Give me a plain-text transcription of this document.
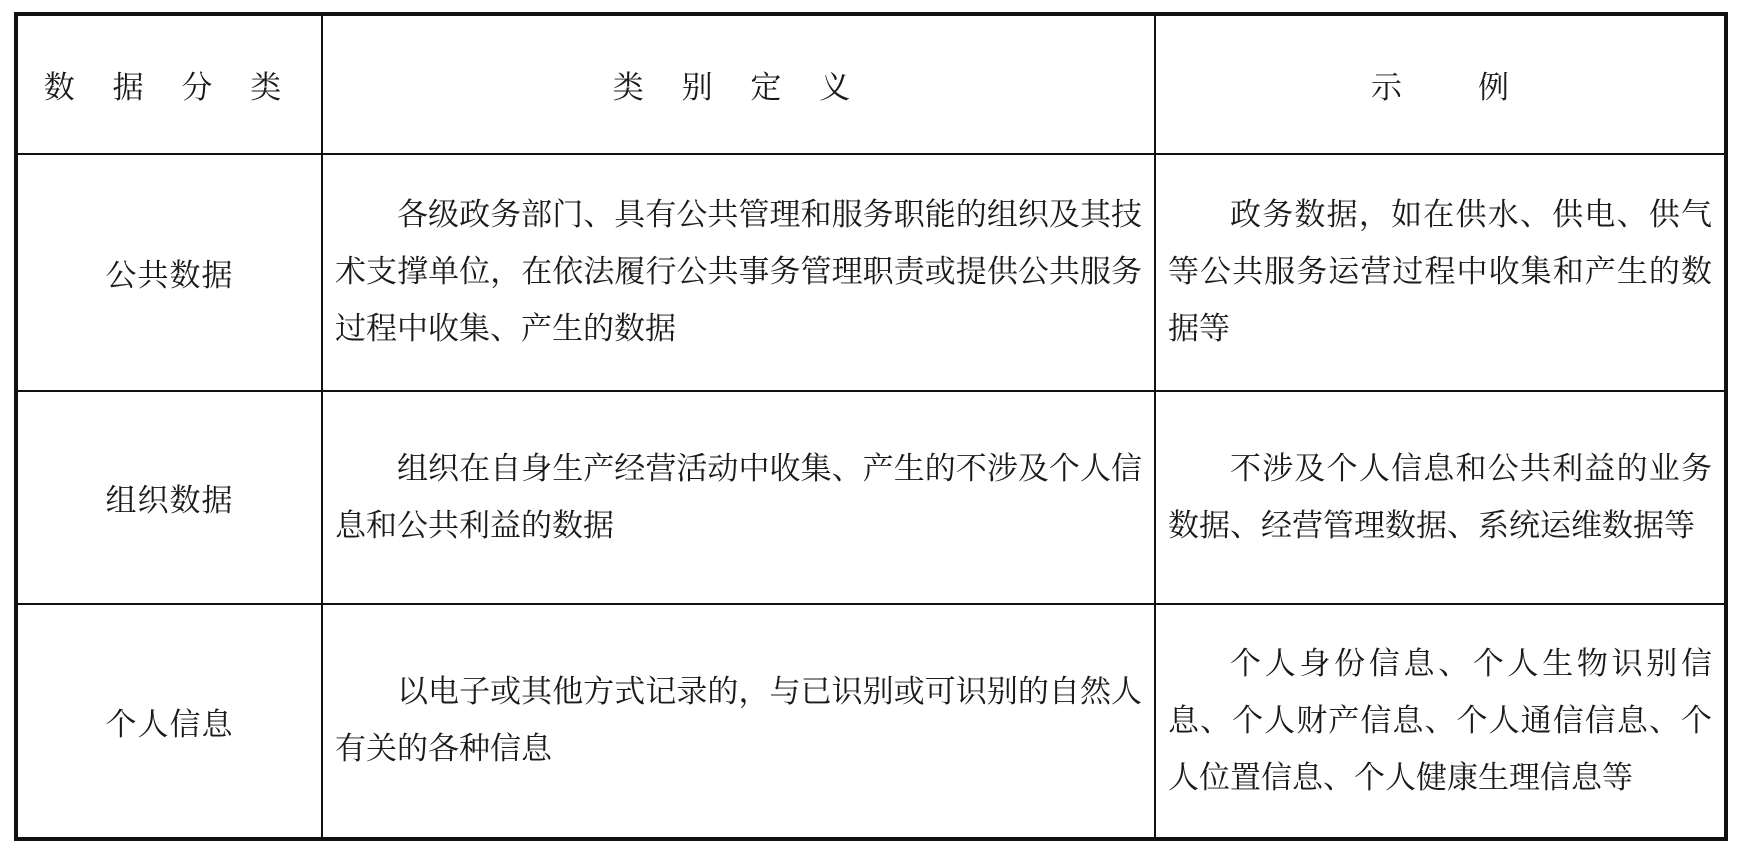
数 据 分 类	类 别 定 义	示 例
公共数据	各级政务部门、具有公共管理和服务职能的组织及其技术支撑单位，在依法履行公共事务管理职责或提供公共服务过程中收集、产生的数据	政务数据，如在供水、供电、供气等公共服务运营过程中收集和产生的数据等

组织数据	组织在自身生产经营活动中收集、产生的不涉及个人信息和公共利益的数据	不涉及个人信息和公共利益的业务数据、经营管理数据、系统运维数据等

个人信息	以电子或其他方式记录的，与已识别或可识别的自然人有关的各种信息	个人身份信息、个人生物识别信息、个人财产信息、个人通信信息、个人位置信息、个人健康生理信息等
